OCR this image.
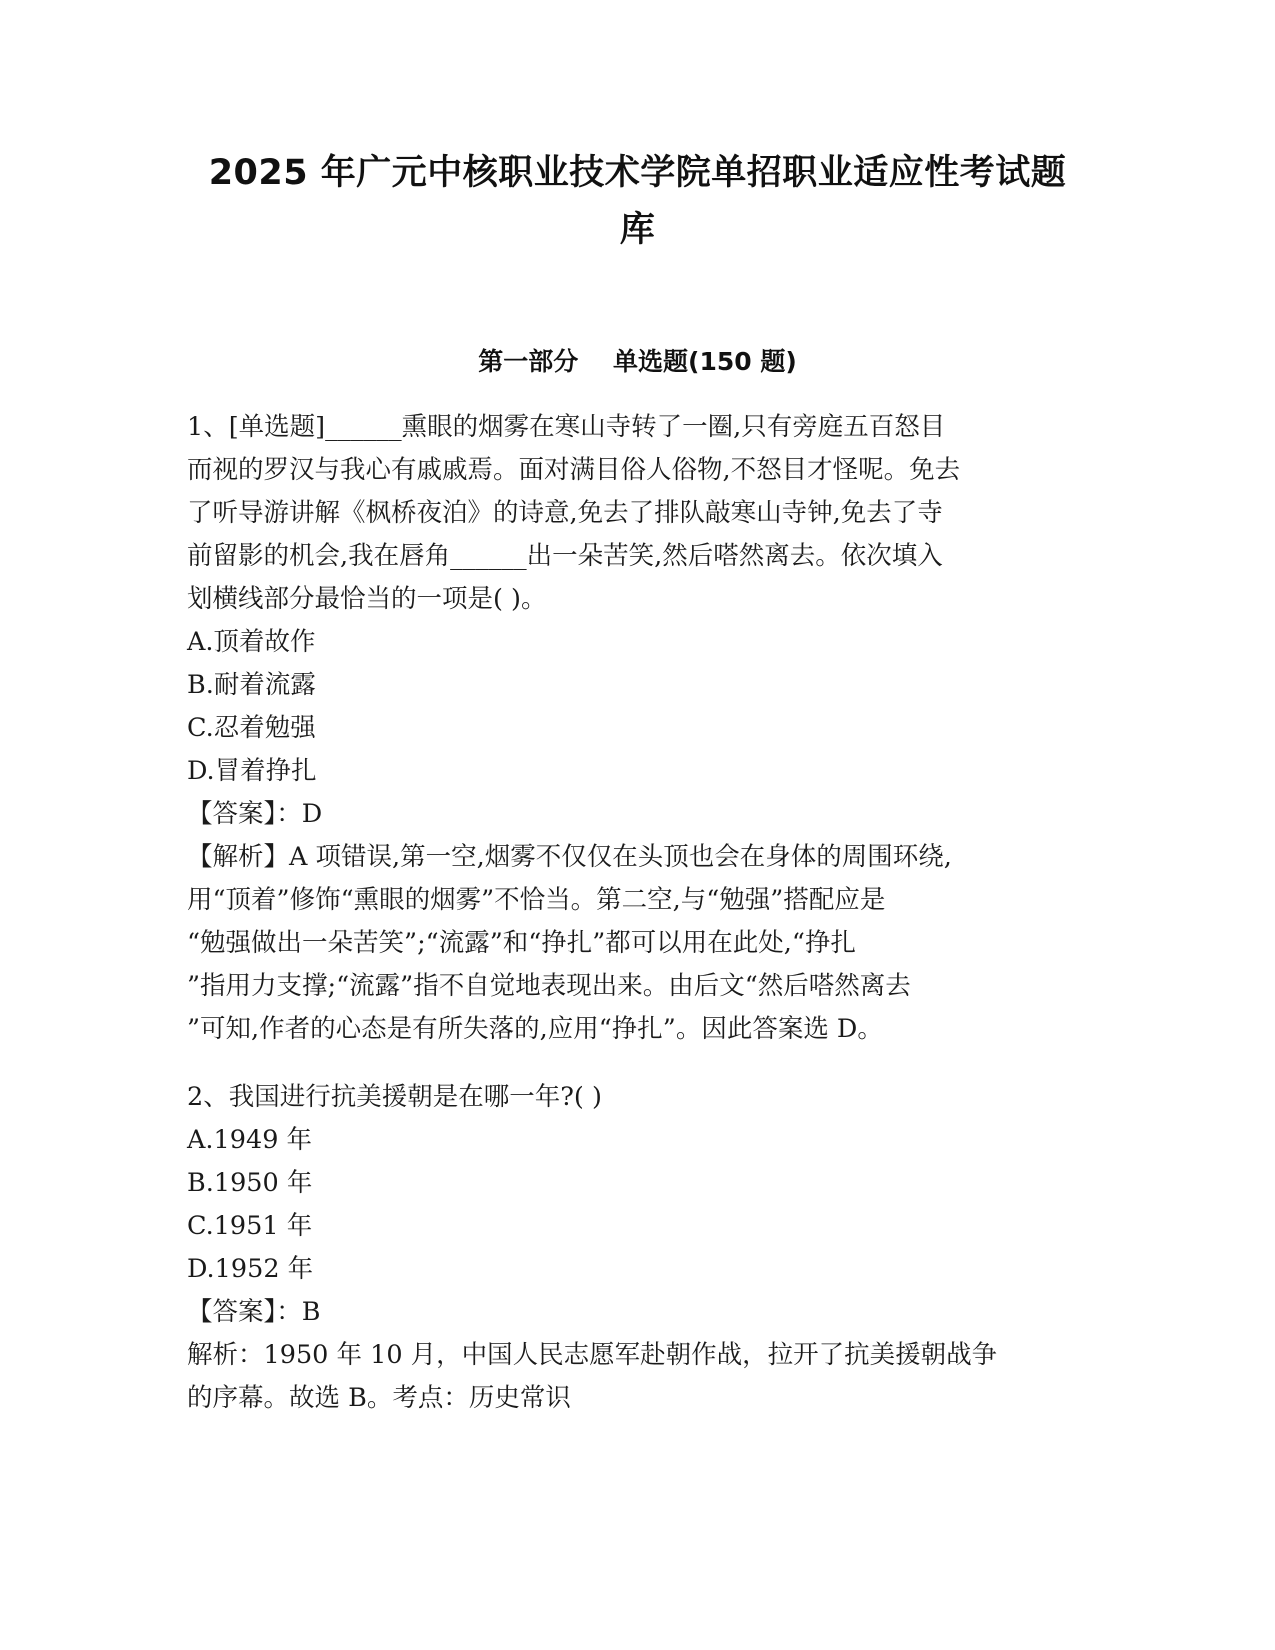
2025 年广元中核职业技术学院单招职业适应性考试题
库
第一部分    单选题(150 题)
1、[单选题]______熏眼的烟雾在寒山寺转了一圈,只有旁庭五百怒目
而视的罗汉与我心有戚戚焉。面对满目俗人俗物,不怒目才怪呢。免去
了听导游讲解《枫桥夜泊》的诗意,免去了排队敲寒山寺钟,免去了寺
前留影的机会,我在唇角______出一朵苦笑,然后嗒然离去。依次填入
划横线部分最恰当的一项是( )。
A.顶着故作
B.耐着流露
C.忍着勉强
D.冒着挣扎
【答案】：D
【解析】A 项错误,第一空,烟雾不仅仅在头顶也会在身体的周围环绕,
用“顶着”修饰“熏眼的烟雾”不恰当。第二空,与“勉强”搭配应是
“勉强做出一朵苦笑”;“流露”和“挣扎”都可以用在此处,“挣扎
”指用力支撑;“流露”指不自觉地表现出来。由后文“然后嗒然离去
”可知,作者的心态是有所失落的,应用“挣扎”。因此答案选 D。
2、我国进行抗美援朝是在哪一年?( )
A.1949 年
B.1950 年
C.1951 年
D.1952 年
【答案】：B
解析：1950 年 10 月，中国人民志愿军赴朝作战，拉开了抗美援朝战争
的序幕。故选 B。考点：历史常识
